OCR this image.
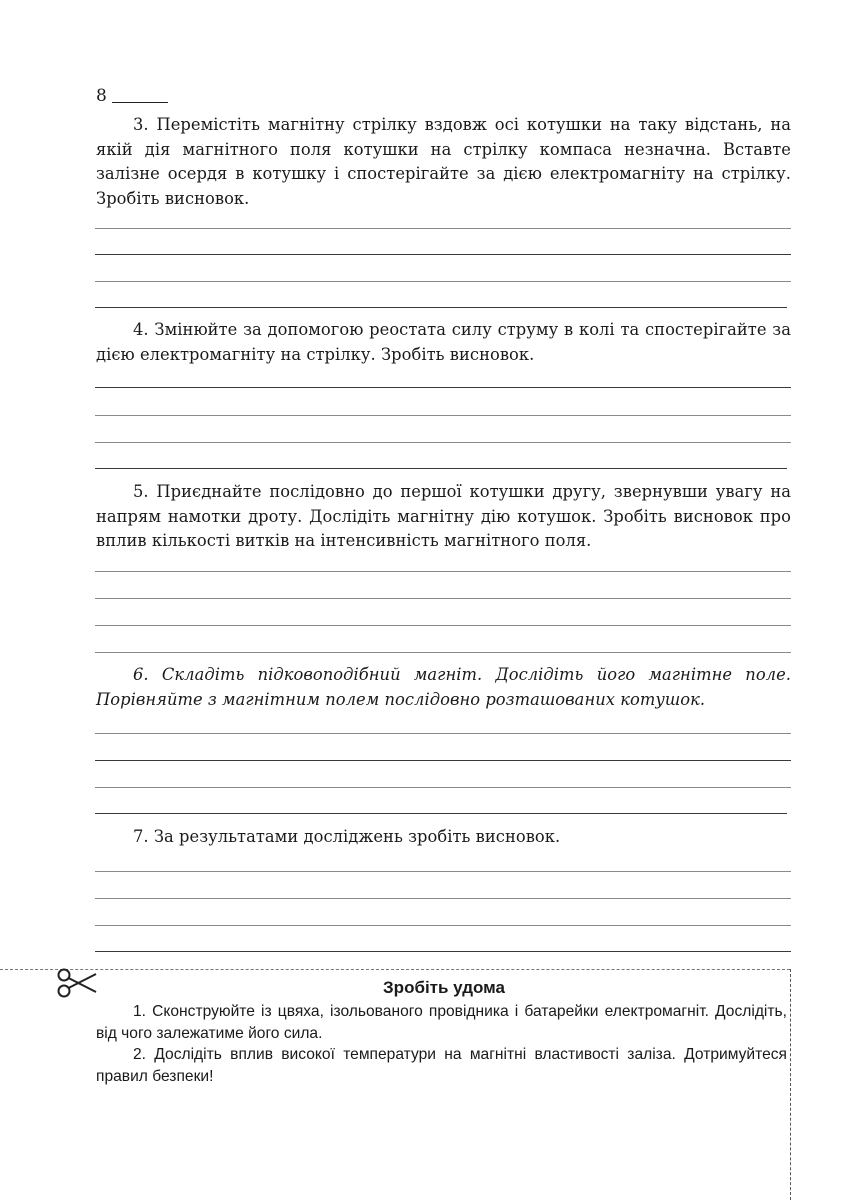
8

3. Перемістіть магнітну стрілку вздовж осі котушки на таку відстань, на якій дія магнітного поля котушки на стрілку компаса незначна. Вставте залізне осердя в котушку і спостерігайте за дією електромагніту на стрілку. Зробіть висновок.

4. Змінюйте за допомогою реостата силу струму в колі та спостерігайте за дією електромагніту на стрілку. Зробіть висновок.

5. Приєднайте послідовно до першої котушки другу, звернувши увагу на напрям намотки дроту. Дослідіть магнітну дію котушок. Зробіть висновок про вплив кількості витків на інтенсивність магнітного поля.

6. Складіть підковоподібний магніт. Дослідіть його магнітне поле. Порівняйте з магнітним полем послідовно розташованих котушок.

7. За результатами досліджень зробіть висновок.

Зробіть удома

1. Сконструюйте із цвяха, ізольованого провідника і батарейки електромагніт. Дослідіть, від чого залежатиме його сила.

2. Дослідіть вплив високої температури на магнітні властивості заліза. Дотримуйтеся правил безпеки!
